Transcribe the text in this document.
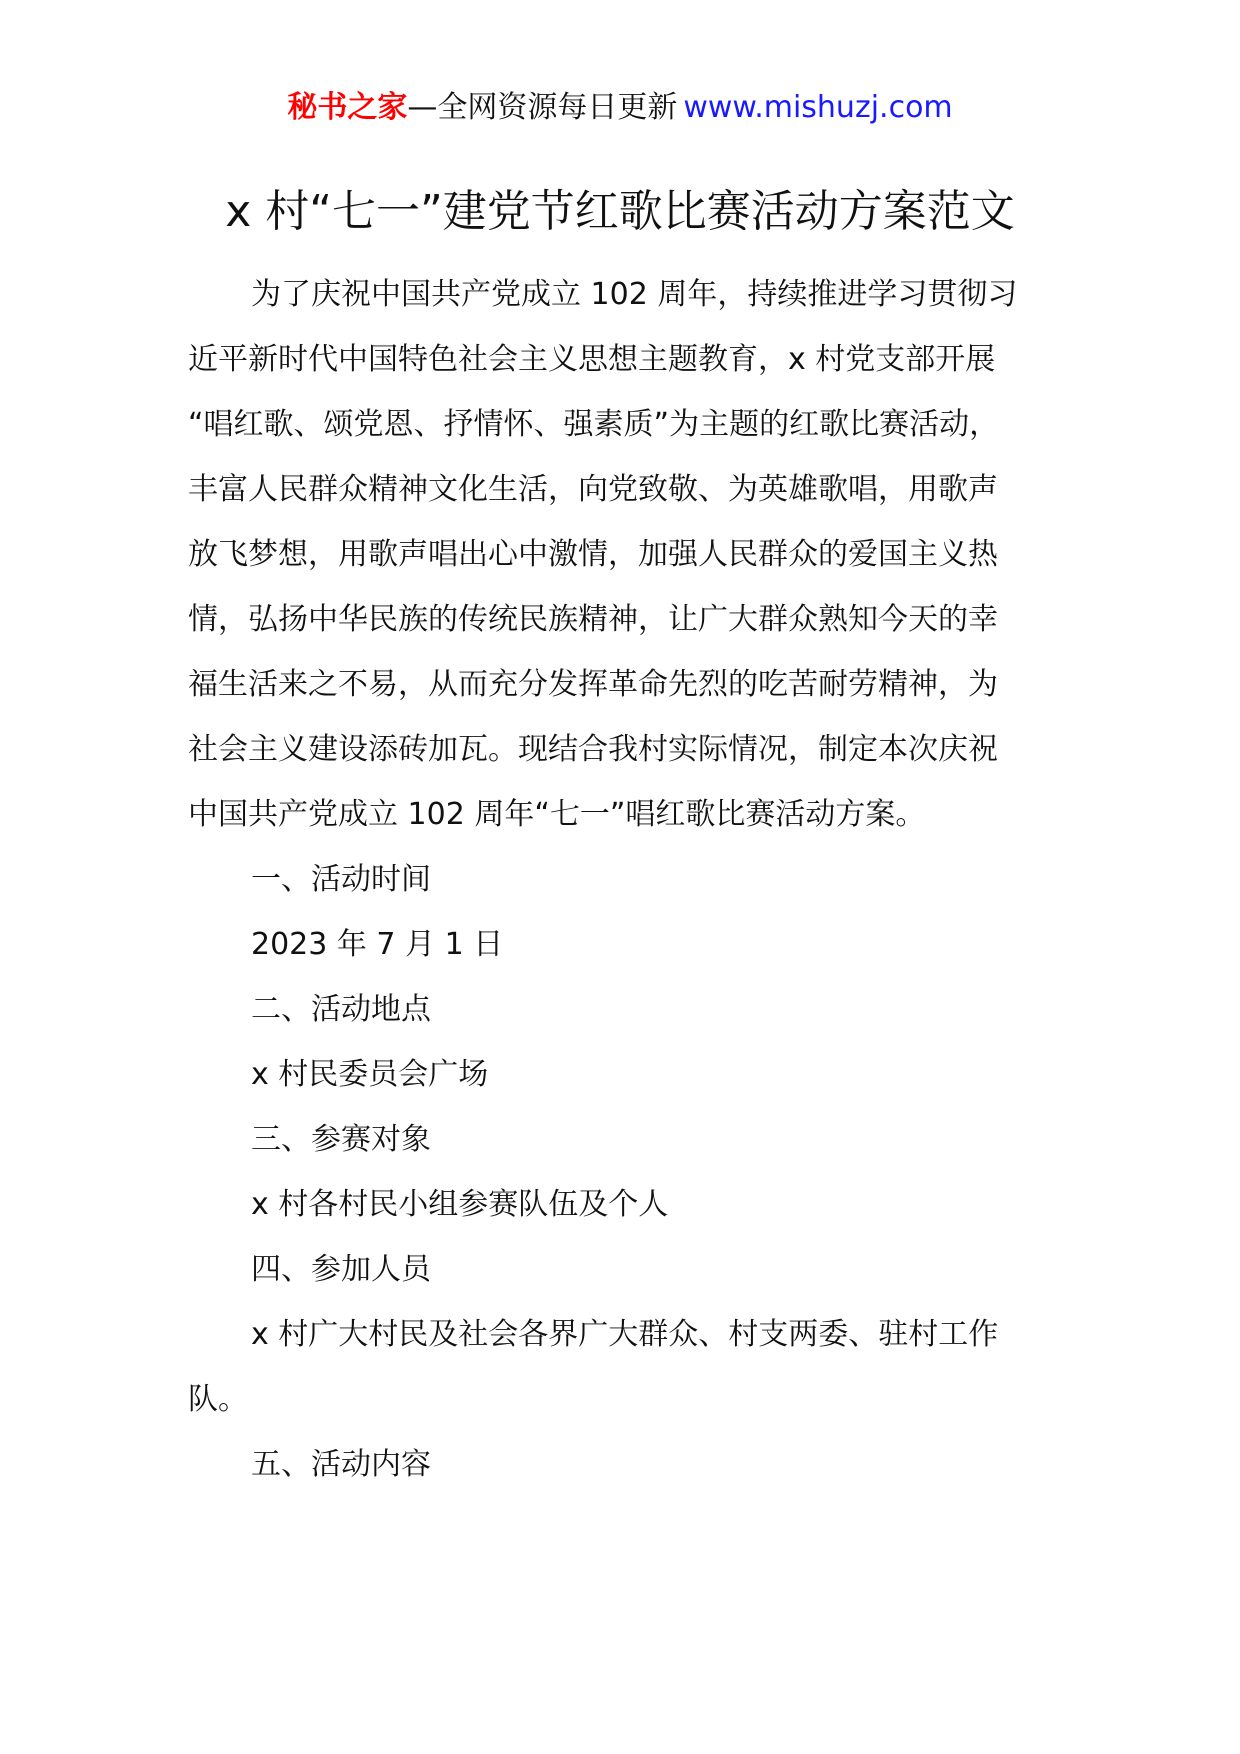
秘书之家—全网资源每日更新 www.mishuzj.com
x 村“七一”建党节红歌比赛活动方案范文
为了庆祝中国共产党成立 102 周年，持续推进学习贯彻习
近平新时代中国特色社会主义思想主题教育，x 村党支部开展
“唱红歌、颂党恩、抒情怀、强素质”为主题的红歌比赛活动，
丰富人民群众精神文化生活，向党致敬、为英雄歌唱，用歌声
放飞梦想，用歌声唱出心中激情，加强人民群众的爱国主义热
情，弘扬中华民族的传统民族精神，让广大群众熟知今天的幸
福生活来之不易，从而充分发挥革命先烈的吃苦耐劳精神，为
社会主义建设添砖加瓦。现结合我村实际情况，制定本次庆祝
中国共产党成立 102 周年“七一”唱红歌比赛活动方案。
一、活动时间
2023 年 7 月 1 日
二、活动地点
x 村民委员会广场
三、参赛对象
x 村各村民小组参赛队伍及个人
四、参加人员
x 村广大村民及社会各界广大群众、村支两委、驻村工作
队。
五、活动内容
